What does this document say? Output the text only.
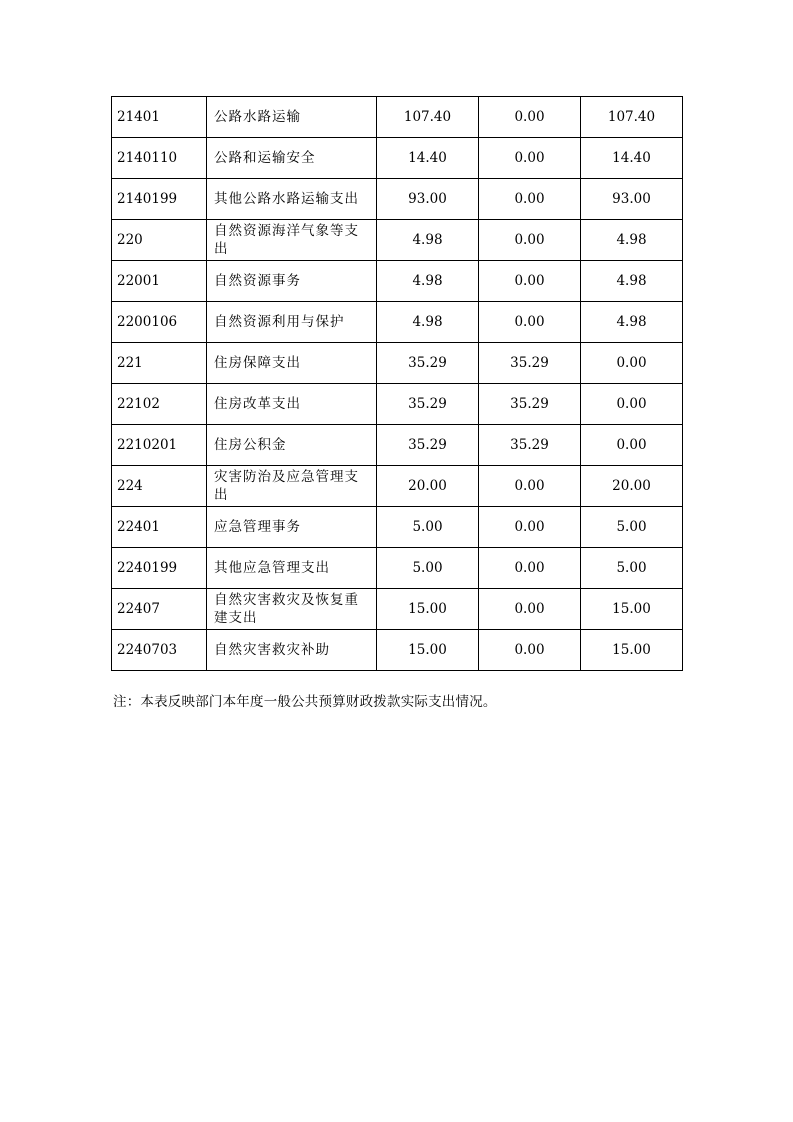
21401	公路水路运输	107.40	0.00	107.40
2140110	公路和运输安全	14.40	0.00	14.40
2140199	其他公路水路运输支出	93.00	0.00	93.00
220	自然资源海洋气象等支出	4.98	0.00	4.98
22001	自然资源事务	4.98	0.00	4.98
2200106	自然资源利用与保护	4.98	0.00	4.98
221	住房保障支出	35.29	35.29	0.00
22102	住房改革支出	35.29	35.29	0.00
2210201	住房公积金	35.29	35.29	0.00
224	灾害防治及应急管理支出	20.00	0.00	20.00
22401	应急管理事务	5.00	0.00	5.00
2240199	其他应急管理支出	5.00	0.00	5.00
22407	自然灾害救灾及恢复重建支出	15.00	0.00	15.00
2240703	自然灾害救灾补助	15.00	0.00	15.00
注：本表反映部门本年度一般公共预算财政拨款实际支出情况。
